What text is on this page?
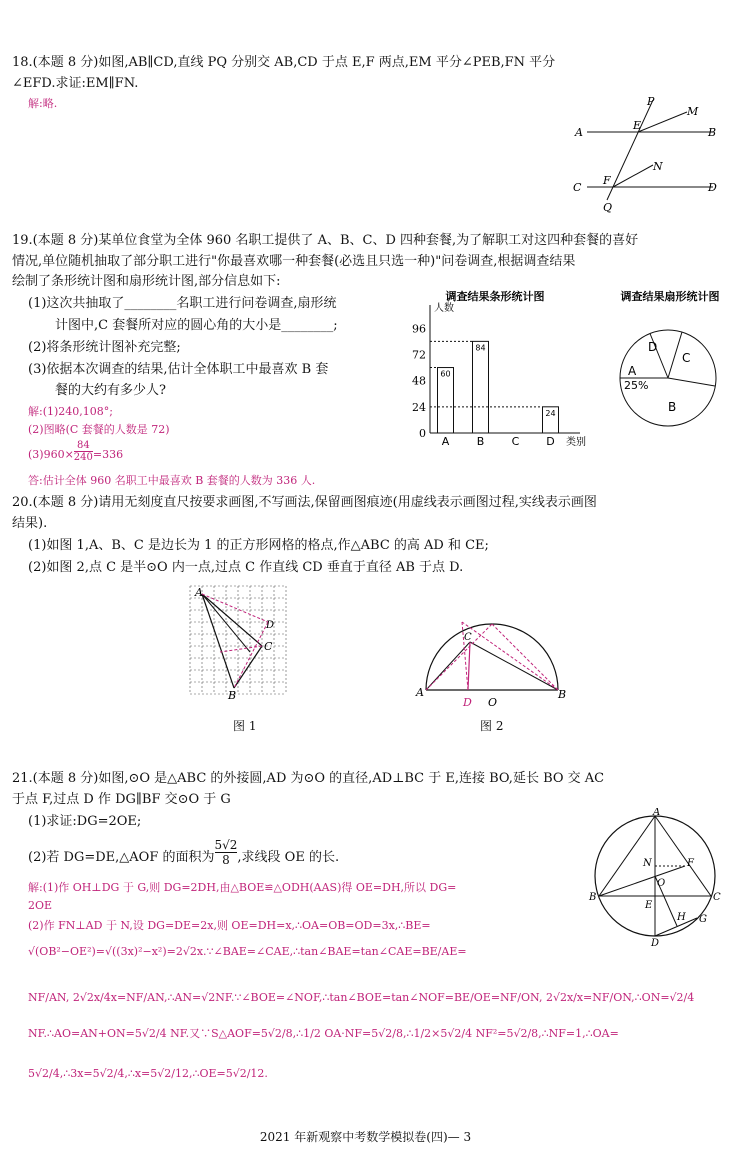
18.(本题 8 分)如图,AB∥CD,直线 PQ 分别交 AB,CD 于点 E,F 两点,EM 平分∠PEB,FN 平分
∠EFD.求证:EM∥FN.
解:略.
A	B
C	D
E
F
P
Q
M
N
19.(本题 8 分)某单位食堂为全体 960 名职工提供了 A、B、C、D 四种套餐,为了解职工对这四种套餐的喜好
情况,单位随机抽取了部分职工进行"你最喜欢哪一种套餐(必选且只选一种)"问卷调查,根据调查结果
绘制了条形统计图和扇形统计图,部分信息如下:
(1)这次共抽取了________名职工进行问卷调查,扇形统
计图中,C 套餐所对应的圆心角的大小是________;
(2)将条形统计图补充完整;
(3)依据本次调查的结果,估计全体职工中最喜欢 B 套
餐的大约有多少人?
解:(1)240,108°;
(2)图略(C 套餐的人数是 72)
$(3)960\times \frac{84}{240} =336$
答:估计全体 960 名职工中最喜欢 B 套餐的人数为 336 人.
调查结果条形统计图
人数
类别
0
24
48
72
96
A
60
B
84
C D
24
调查结果扇形统计图
D
C
A
25%
B
20.(本题 8 分)请用无刻度直尺按要求画图,不写画法,保留画图痕迹(用虚线表示画图过程,实线表示画图
结果).
(1)如图 1,A、B、C 是边长为 1 的正方形网格的格点,作△ABC 的高 AD 和 CE;
(2)如图 2,点 C 是半⊙O 内一点,过点 C 作直线 CD 垂直于直径 AB 于点 D.
A
B
C
D
图 1
A	B
C
D O
图 2
21.(本题 8 分)如图,⊙O 是△ABC 的外接圆,AD 为⊙O 的直径,AD⊥BC 于 E,连接 BO,延长 BO 交 AC
于点 F,过点 D 作 DG∥BF 交⊙O 于 G
(1)求证:DG=2OE;
(2)若 DG=DE,△AOF 的面积为 $\frac{5√2}{8}$ ,求线段 OE 的长.
解:(1)作 OH⊥DG 于 G,则 DG=2DH,由△BOE≌△ODH(AAS)得 OE=DH,所以 DG=
2OE
(2)作 FN⊥AD 于 N,设 DG=DE=2x,则 OE=DH=x,∴OA=OB=OD=3x,∴BE=
√(OB²−OE²)=√((3x)²−x²)=2√2x.∵∠BAE=∠CAE,∴tan∠BAE=tan∠CAE=BE/AE=
NF/AN, 2√2x/4x=NF/AN,∴AN=√2NF.∵∠BOE=∠NOF,∴tan∠BOE=tan∠NOF=BE/OE=NF/ON, 2√2x/x=NF/ON,∴ON=√2/4
NF.∴AO=AN+ON=5√2/4 NF.又∵S△AOF=5√2/8,∴1/2 OA·NF=5√2/8,∴1/2×5√2/4 NF²=5√2/8,∴NF=1,∴OA=
5√2/4,∴3x=5√2/4,∴x=5√2/12,∴OE=5√2/12.
A
B	C
D
E
F
G
H
N
O
2021 年新观察中考数学模拟卷(四)— 3
